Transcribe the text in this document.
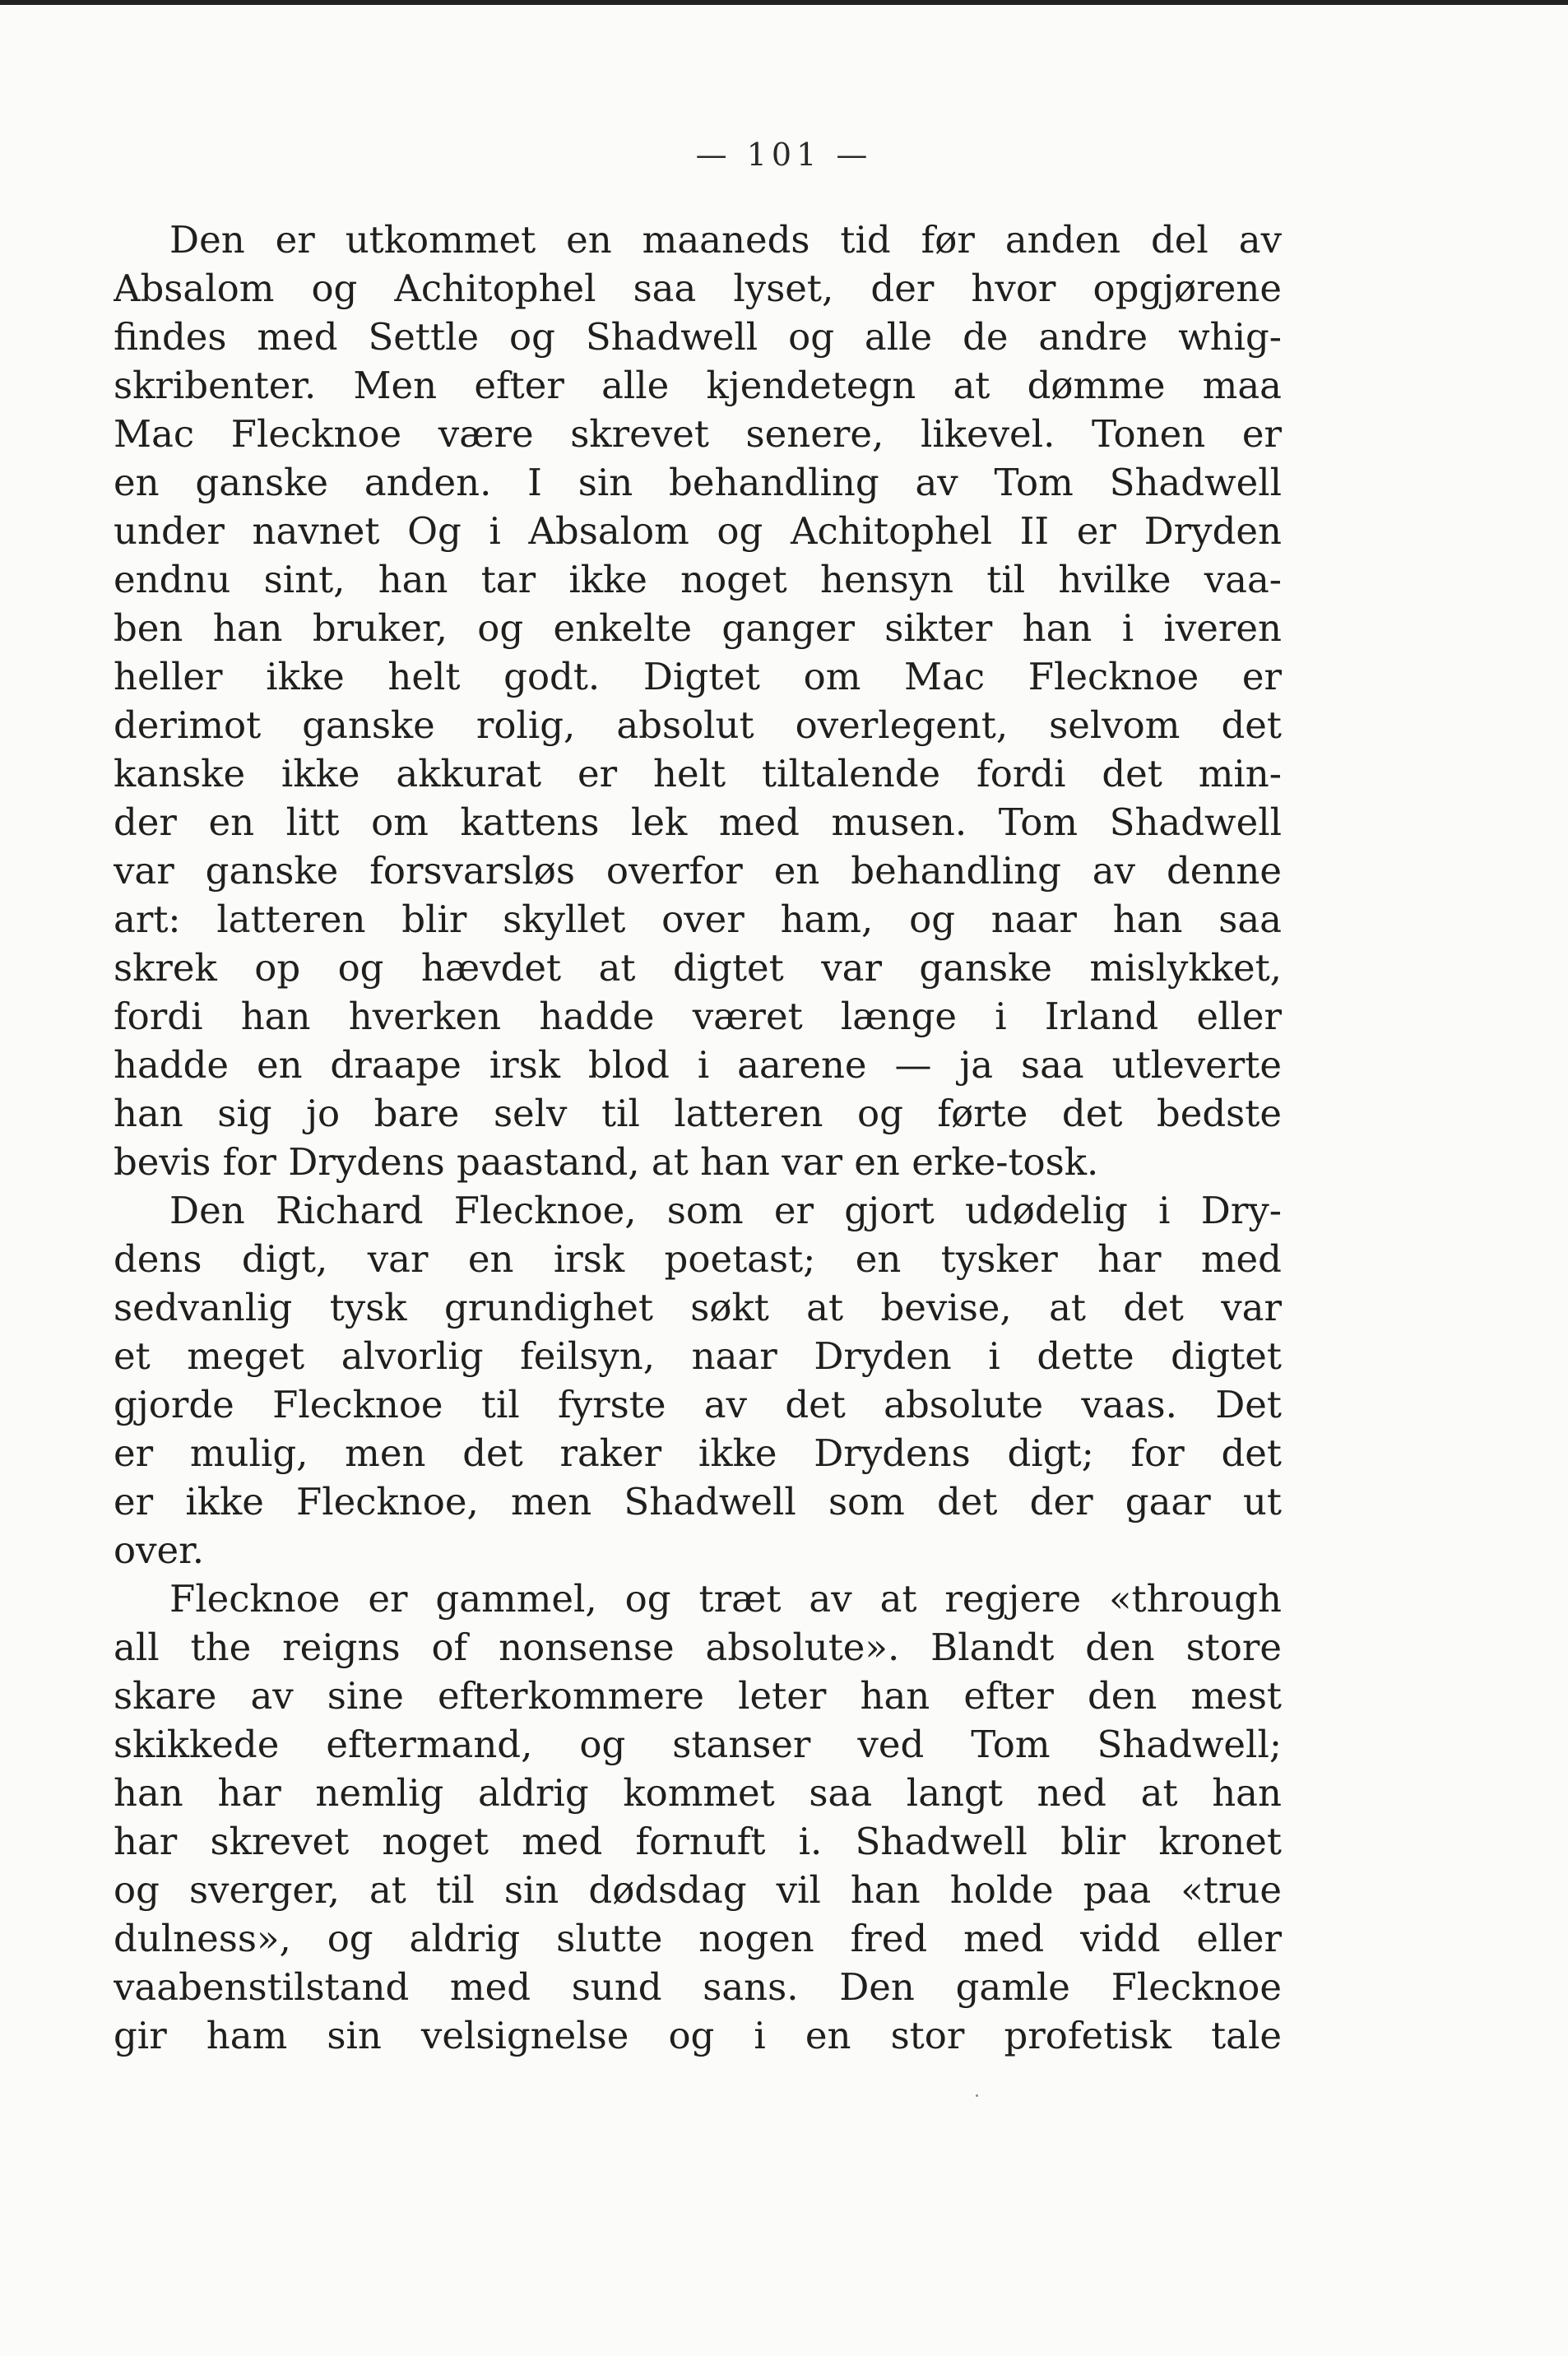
— 101 —
Den er utkommet en maaneds tid før anden del av
Absalom og Achitophel saa lyset, der hvor opgjørene
findes med Settle og Shadwell og alle de andre whig-
skribenter. Men efter alle kjendetegn at dømme maa
Mac Flecknoe være skrevet senere, likevel. Tonen er
en ganske anden. I sin behandling av Tom Shadwell
under navnet Og i Absalom og Achitophel II er Dryden
endnu sint, han tar ikke noget hensyn til hvilke vaa-
ben han bruker, og enkelte ganger sikter han i iveren
heller ikke helt godt. Digtet om Mac Flecknoe er
derimot ganske rolig, absolut overlegent, selvom det
kanske ikke akkurat er helt tiltalende fordi det min-
der en litt om kattens lek med musen. Tom Shadwell
var ganske forsvarsløs overfor en behandling av denne
art: latteren blir skyllet over ham, og naar han saa
skrek op og hævdet at digtet var ganske mislykket,
fordi han hverken hadde været længe i Irland eller
hadde en draape irsk blod i aarene — ja saa utleverte
han sig jo bare selv til latteren og førte det bedste
bevis for Drydens paastand, at han var en erke-tosk.
Den Richard Flecknoe, som er gjort udødelig i Dry-
dens digt, var en irsk poetast; en tysker har med
sedvanlig tysk grundighet søkt at bevise, at det var
et meget alvorlig feilsyn, naar Dryden i dette digtet
gjorde Flecknoe til fyrste av det absolute vaas. Det
er mulig, men det raker ikke Drydens digt; for det
er ikke Flecknoe, men Shadwell som det der gaar ut
over.
Flecknoe er gammel, og træt av at regjere «through
all the reigns of nonsense absolute». Blandt den store
skare av sine efterkommere leter han efter den mest
skikkede eftermand, og stanser ved Tom Shadwell;
han har nemlig aldrig kommet saa langt ned at han
har skrevet noget med fornuft i. Shadwell blir kronet
og sverger, at til sin dødsdag vil han holde paa «true
dulness», og aldrig slutte nogen fred med vidd eller
vaabenstilstand med sund sans. Den gamle Flecknoe
gir ham sin velsignelse og i en stor profetisk tale
